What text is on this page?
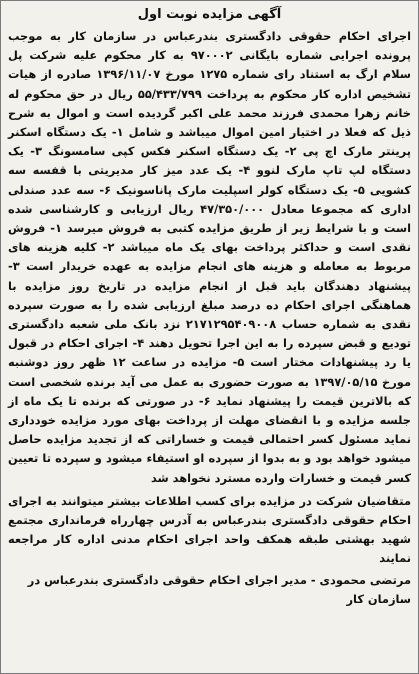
آگهی مزایده نوبت اول

اجرای احکام حقوقی دادگستری بندرعباس در سازمان کار به موجب پرونده اجرایی شماره بایگانی ۹۷۰۰۰۲ به کار محکوم علیه شرکت پل سلام ارگ به استناد رای شماره ۱۲۷۵ مورخ ۱۳۹۶/۱۱/۰۷ صادره از هیات تشخیص اداره کار محکوم به پرداخت ۵۵/۴۳۳/۷۹۹ ریال در حق محکوم له خانم زهرا محمدی فرزند محمد علی اکبر گردیده است و اموال به شرح ذیل که فعلا در اختیار امین اموال میباشد و شامل ۱- یک دستگاه اسکنر پرینتر مارک اچ پی ۲- یک دستگاه اسکنر فکس کپی سامسونگ ۳- یک دستگاه لپ تاپ مارک لنوو ۴- یک عدد میز کار مدیریتی با قفسه سه کشویی ۵- یک دستگاه کولر اسپلیت مارک پاناسونیک ۶- سه عدد صندلی اداری که مجموعا معادل ۴۷/۳۵۰/۰۰۰ ریال ارزیابی و کارشناسی شده است و با شرایط زیر از طریق مزایده کتبی به فروش میرسد ۱- فروش نقدی است و حداکثر پرداخت بهای یک ماه میباشد ۲- کلیه هزینه های مربوط به معامله و هزینه های انجام مزایده به عهده خریدار است ۳- پیشنهاد دهندگان باید قبل از انجام مزایده در تاریخ روز مزایده با هماهنگی اجرای احکام ده درصد مبلغ ارزیابی شده را به صورت سپرده نقدی به شماره حساب ۲۱۷۱۲۹۵۴۰۹۰۰۸ نزد بانک ملی شعبه دادگستری تودیع و قبض سپرده را به این اجرا تحویل دهند ۴- اجرای احکام در قبول یا رد پیشنهادات مختار است ۵- مزایده در ساعت ۱۲ ظهر روز دوشنبه مورخ ۱۳۹۷/۰۵/۱۵ به صورت حضوری به عمل می آید برنده شخصی است که بالاترین قیمت را پیشنهاد نماید ۶- در صورتی که برنده تا یک ماه از جلسه مزایده و با انقضای مهلت از پرداخت بهای مورد مزایده خودداری نماید مسئول کسر احتمالی قیمت و خساراتی که از تجدید مزایده حاصل میشود خواهد بود و به بدوا از سپرده او استیفاء میشود و سپرده تا تعیین کسر قیمت و خسارات وارده مسترد نخواهد شد

متقاضیان شرکت در مزایده برای کسب اطلاعات بیشتر میتوانند به اجرای احکام حقوقی دادگستری بندرعباس به آدرس چهارراه فرمانداری مجتمع شهید بهشتی طبقه همکف واحد اجرای احکام مدنی اداره کار مراجعه نمایند

مرتضی محمودی - مدیر اجرای احکام حقوقی دادگستری بندرعباس در سازمان کار
